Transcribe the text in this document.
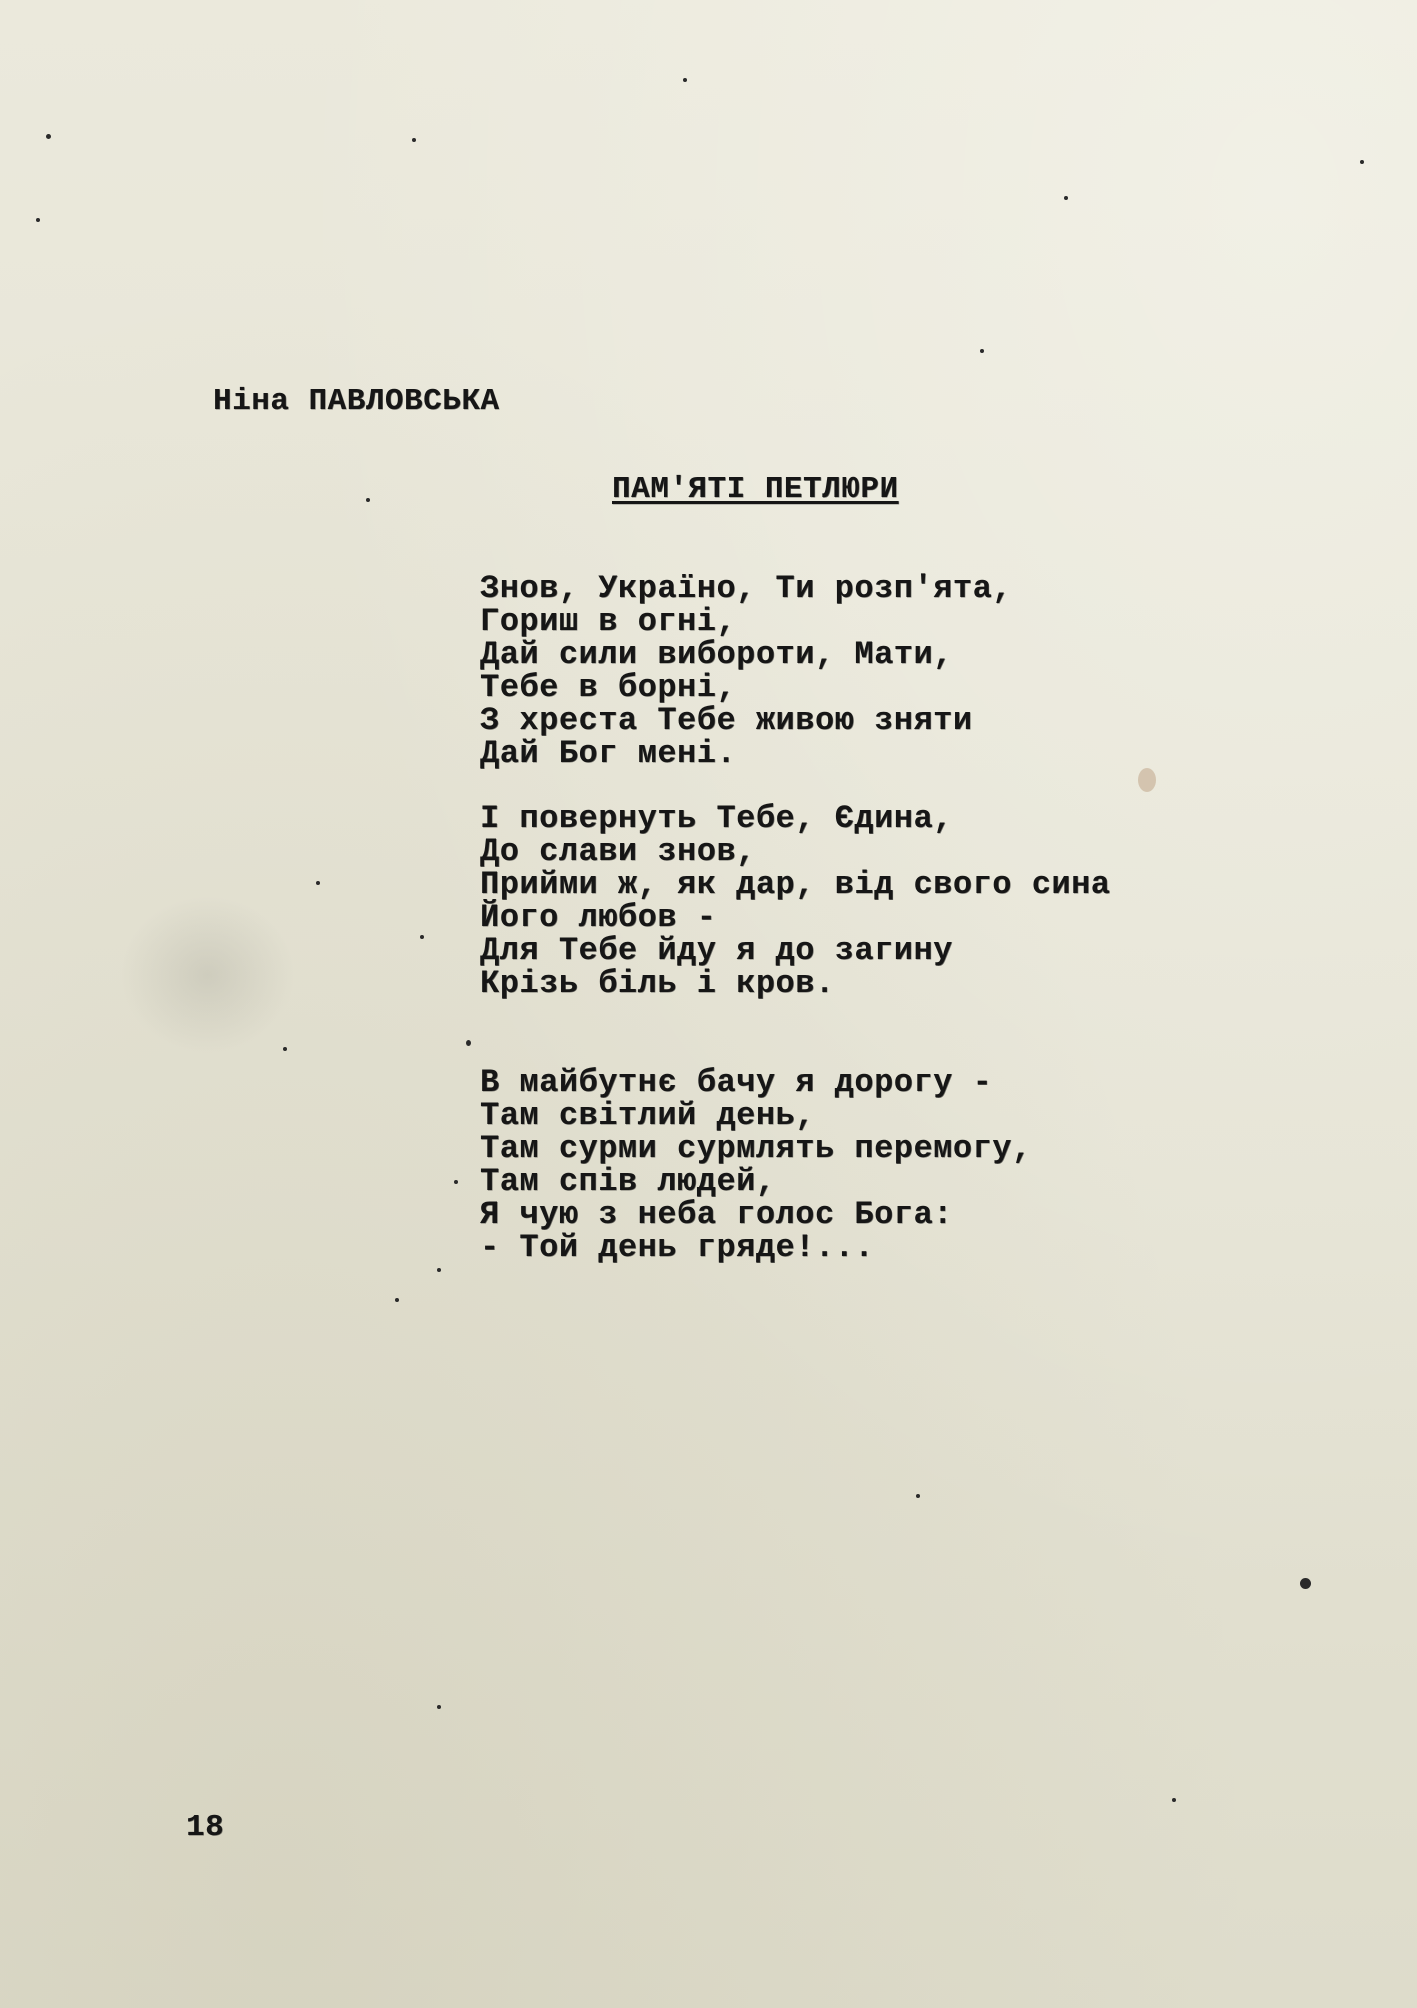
Ніна ПАВЛОВСЬКА
ПАМ'ЯТІ ПЕТЛЮРИ
Знов, Україно, Ти розп'ята,
Гориш в огні,
Дай сили вибороти, Мати,
Тебе в борні,
З хреста Тебе живою зняти
Дай Бог мені.
І повернуть Тебе, Єдина,
До слави знов,
Прийми ж, як дар, від свого сина
Його любов -
Для Тебе йду я до загину
Крізь біль і кров.
В майбутнє бачу я дорогу -
Там світлий день,
Там сурми сурмлять перемогу,
Там спів людей,
Я чую з неба голос Бога:
- Той день гряде!...
18
